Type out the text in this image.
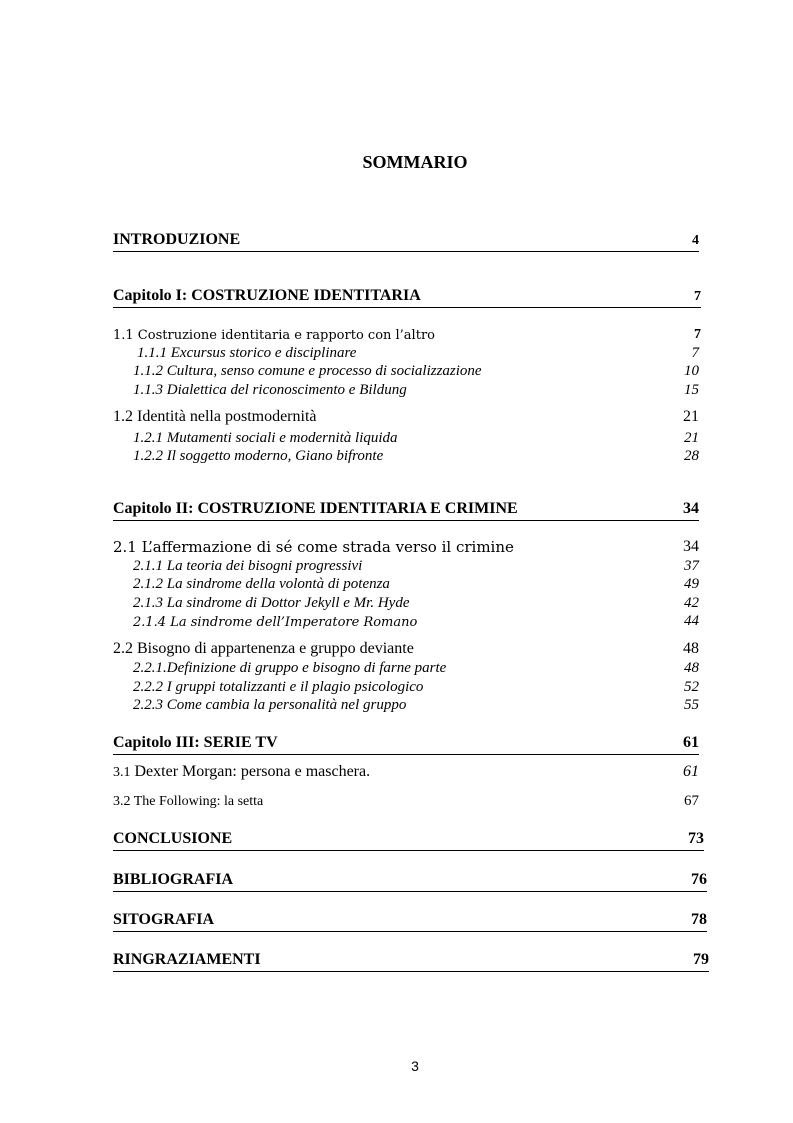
SOMMARIO
INTRODUZIONE	4
Capitolo I: COSTRUZIONE IDENTITARIA	7
1.1 Costruzione identitaria e rapporto con l’altro	7
1.1.1 Excursus storico e disciplinare	7
1.1.2 Cultura, senso comune e processo di socializzazione	10
1.1.3 Dialettica del riconoscimento e Bildung	15
1.2 Identità nella postmodernità	21
1.2.1 Mutamenti sociali e modernità liquida	21
1.2.2 Il soggetto moderno, Giano bifronte	28
Capitolo II: COSTRUZIONE IDENTITARIA E CRIMINE	34
2.1 L’affermazione di sé come strada verso il crimine	34
2.1.1 La teoria dei bisogni progressivi	37
2.1.2 La sindrome della volontà di potenza	49
2.1.3 La sindrome di Dottor Jekyll e Mr. Hyde	42
2.1.4 La sindrome dell’Imperatore Romano	44
2.2 Bisogno di appartenenza e gruppo deviante	48
2.2.1.Definizione di gruppo e bisogno di farne parte	48
2.2.2 I gruppi totalizzanti e il plagio psicologico	52
2.2.3 Come cambia la personalità nel gruppo	55
Capitolo III: SERIE TV	61
3.1 Dexter Morgan: persona e maschera.	61
3.2 The Following: la setta	67
CONCLUSIONE	73
BIBLIOGRAFIA	76
SITOGRAFIA	78
RINGRAZIAMENTI	79
3
